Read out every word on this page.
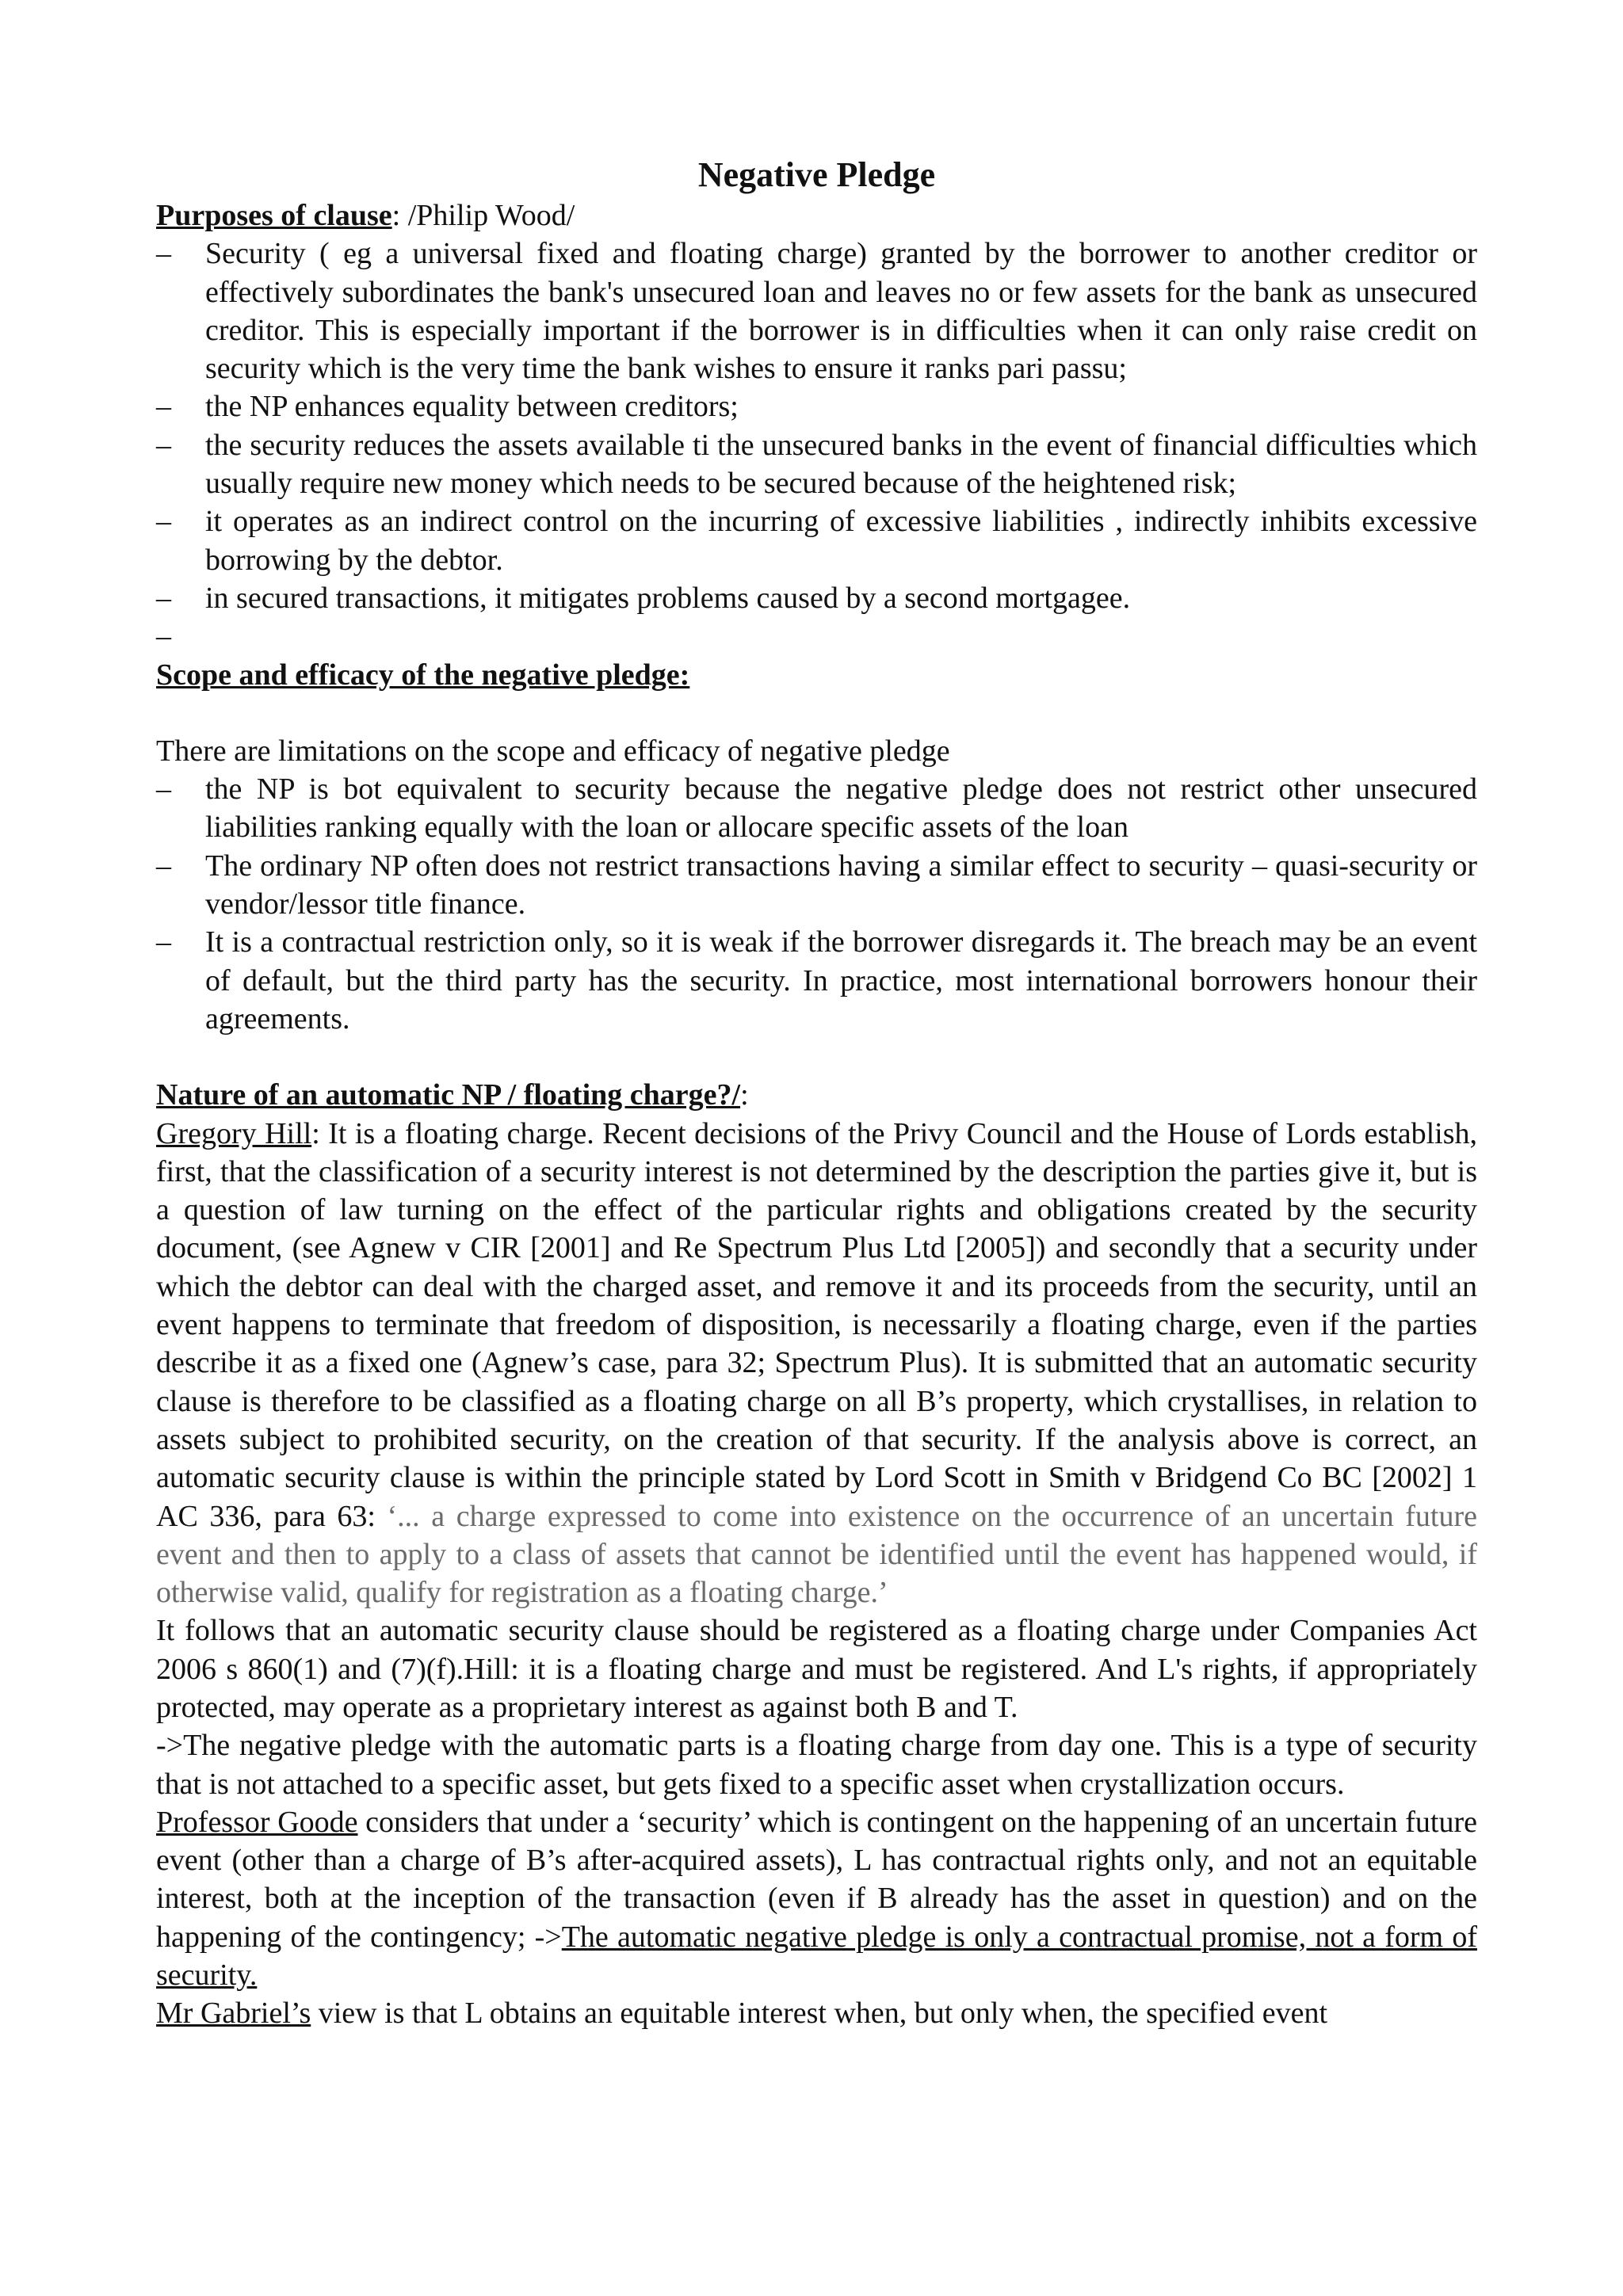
Negative Pledge

Purposes of clause: /Philip Wood/

– Security ( eg a universal fixed and floating charge) granted by the borrower to another creditor or effectively subordinates the bank's unsecured loan and leaves no or few assets for the bank as unsecured creditor. This is especially important if the borrower is in difficulties when it can only raise credit on security which is the very time the bank wishes to ensure it ranks pari passu;
– the NP enhances equality between creditors;
– the security reduces the assets available ti the unsecured banks in the event of financial difficulties which usually require new money which needs to be secured because of the heightened risk;
– it operates as an indirect control on the incurring of excessive liabilities , indirectly inhibits excessive borrowing by the debtor.
– in secured transactions, it mitigates problems caused by a second mortgagee.
–

Scope and efficacy of the negative pledge:

There are limitations on the scope and efficacy of negative pledge

– the NP is bot equivalent to security because the negative pledge does not restrict other unsecured liabilities ranking equally with the loan or allocare specific assets of the loan
– The ordinary NP often does not restrict transactions having a similar effect to security – quasi-security or vendor/lessor title finance.
– It is a contractual restriction only, so it is weak if the borrower disregards it. The breach may be an event of default, but the third party has the security. In practice, most international borrowers honour their agreements.

Nature of an automatic NP / floating charge?/:

Gregory Hill: It is a floating charge. Recent decisions of the Privy Council and the House of Lords establish, first, that the classification of a security interest is not determined by the description the parties give it, but is a question of law turning on the effect of the particular rights and obligations created by the security document, (see Agnew v CIR [2001] and Re Spectrum Plus Ltd [2005]) and secondly that a security under which the debtor can deal with the charged asset, and remove it and its proceeds from the security, until an event happens to terminate that freedom of disposition, is necessarily a floating charge, even if the parties describe it as a fixed one (Agnew’s case, para 32; Spectrum Plus). It is submitted that an automatic security clause is therefore to be classified as a floating charge on all B’s property, which crystallises, in relation to assets subject to prohibited security, on the creation of that security. If the analysis above is correct, an automatic security clause is within the principle stated by Lord Scott in Smith v Bridgend Co BC [2002] 1 AC 336, para 63: ‘... a charge expressed to come into existence on the occurrence of an uncertain future event and then to apply to a class of assets that cannot be identified until the event has happened would, if otherwise valid, qualify for registration as a floating charge.’

It follows that an automatic security clause should be registered as a floating charge under Companies Act 2006 s 860(1) and (7)(f).Hill: it is a floating charge and must be registered. And L's rights, if appropriately protected, may operate as a proprietary interest as against both B and T.

->The negative pledge with the automatic parts is a floating charge from day one. This is a type of security that is not attached to a specific asset, but gets fixed to a specific asset when crystallization occurs.

Professor Goode considers that under a ‘security’ which is contingent on the happening of an uncertain future event (other than a charge of B’s after-acquired assets), L has contractual rights only, and not an equitable interest, both at the inception of the transaction (even if B already has the asset in question) and on the happening of the contingency; ->The automatic negative pledge is only a contractual promise, not a form of security.

Mr Gabriel’s view is that L obtains an equitable interest when, but only when, the specified event
